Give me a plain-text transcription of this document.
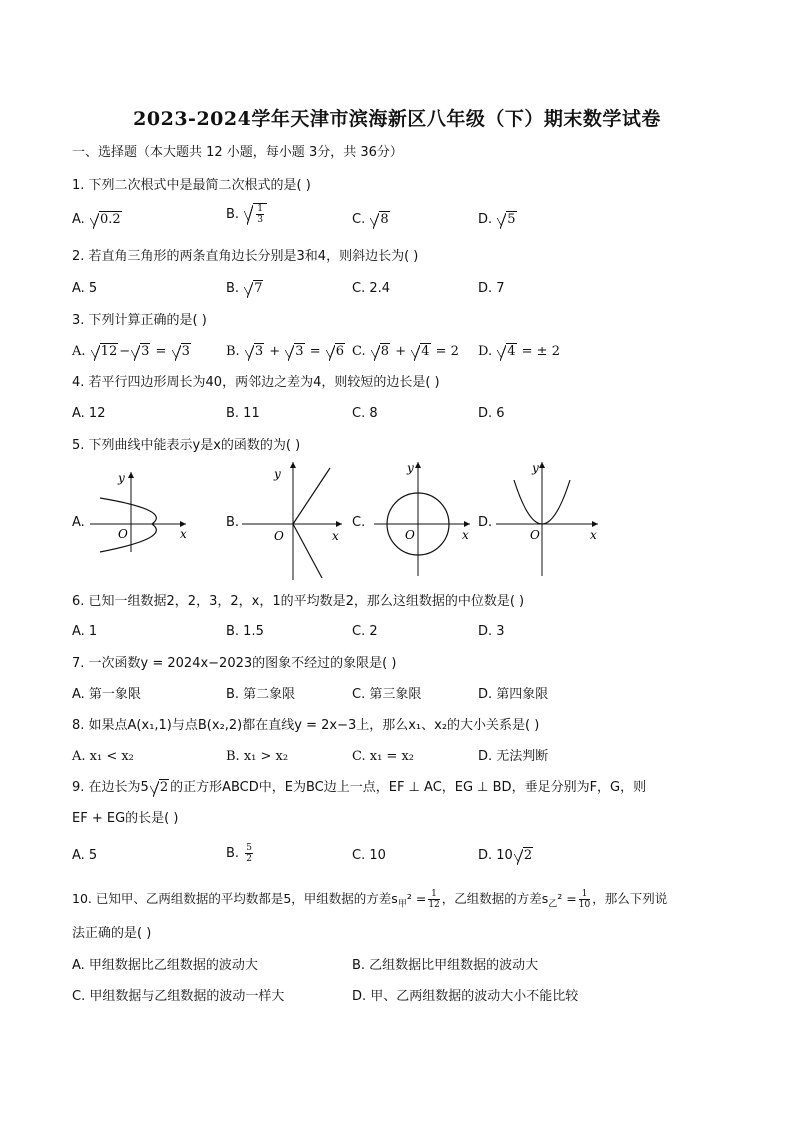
2023-2024学年天津市滨海新区八年级（下）期末数学试卷
一、选择题（本大题共 12 小题，每小题 3分，共 36分）
1. 下列二次根式中是最简二次根式的是( )
A. 0.2	B. $\frac{1}{3}$	C. 8	D. 5
2. 若直角三角形的两条直角边长分别是3和4，则斜边长为( )
A. 5	B. 7	C. 2.4	D. 7
3. 下列计算正确的是( )
A. 12 − 3 = 3	B. 3 + 3 = 6 C. 8 + 4 = 2 D. 4 = ± 2
4. 若平行四边形周长为40，两邻边之差为4，则较短的边长是( )
A. 12	B. 11	C. 8	D. 6
5. 下列曲线中能表示y是x的函数的为( )
A.	B.	C.	D.
y
O	x
y
O	x
y
O	x
y
O	x
6. 已知一组数据2，2，3，2，x，1的平均数是2，那么这组数据的中位数是( )
A. 1	B. 1.5	C. 2	D. 3
7. 一次函数y = 2024x−2023的图象不经过的象限是( )
A. 第一象限	B. 第二象限	C. 第三象限	D. 第四象限
8. 如果点A(x₁,1)与点B(x₂,2)都在直线y = 2x−3上，那么x₁、x₂的大小关系是( )
A. x₁ < x₂	B. x₁ > x₂	C. x₁ = x₂	D. 无法判断
9. 在边长为5 2 的正方形ABCD中，E为BC边上一点，EF ⊥ AC，EG ⊥ BD，垂足分别为F，G，则
EF + EG的长是( )
A. 5	B. $\frac{5}{2}$	C. 10	D. 10 2
10. 已知甲、乙两组数据的平均数都是5，甲组数据的方差$s_甲^2 = \frac{1}{12}$ ，乙组数据的方差$s_乙^2 = \frac{1}{10}$ ，那么下列说
法正确的是( )
A. 甲组数据比乙组数据的波动大	B. 乙组数据比甲组数据的波动大
C. 甲组数据与乙组数据的波动一样大	D. 甲、乙两组数据的波动大小不能比较
